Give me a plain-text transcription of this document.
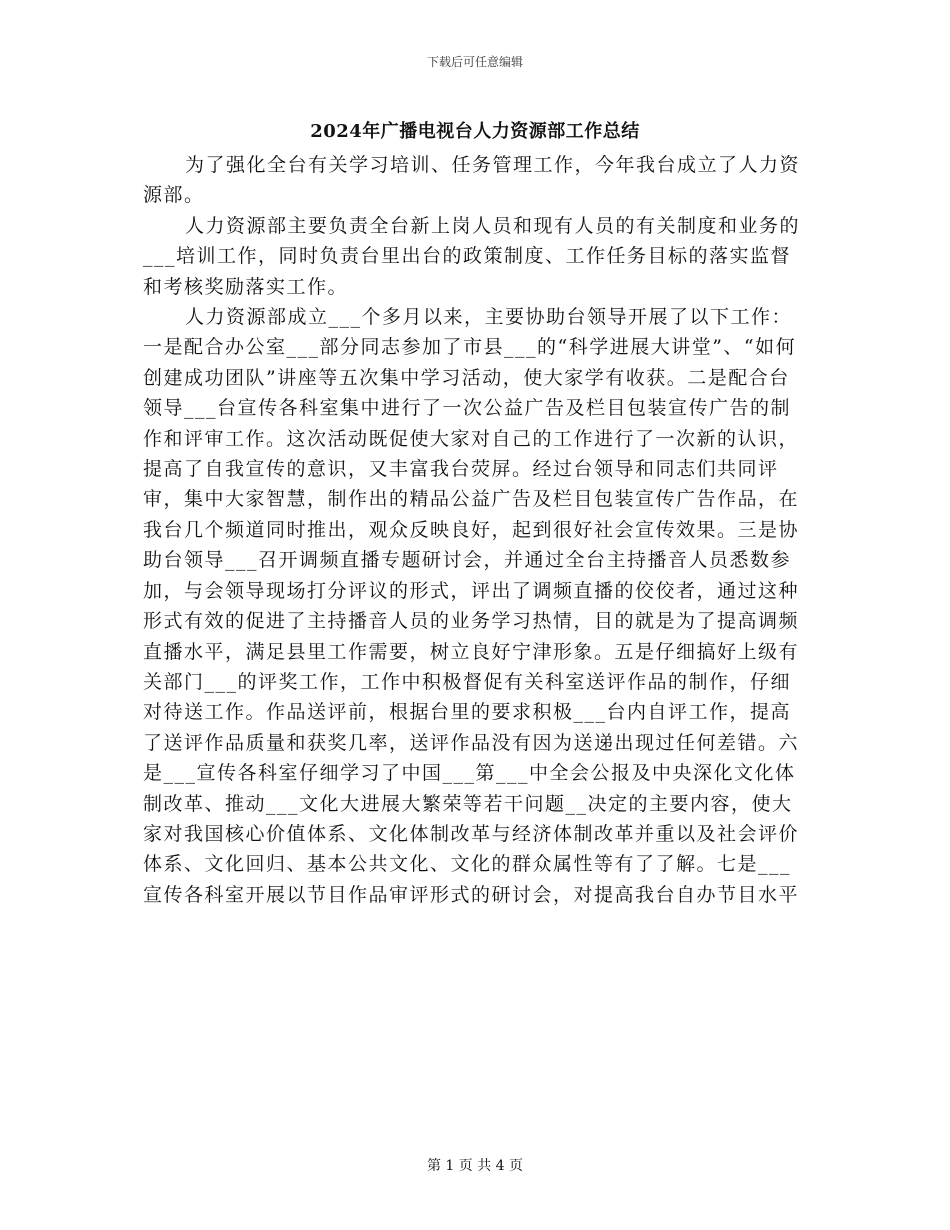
下载后可任意编辑
2024年广播电视台人力资源部工作总结

为了强化全台有关学习培训、任务管理工作，今年我台成立了人力资源部。

人力资源部主要负责全台新上岗人员和现有人员的有关制度和业务的___培训工作，同时负责台里出台的政策制度、工作任务目标的落实监督和考核奖励落实工作。

人力资源部成立___个多月以来，主要协助台领导开展了以下工作：一是配合办公室___部分同志参加了市县___的“科学进展大讲堂”、“如何创建成功团队”讲座等五次集中学习活动，使大家学有收获。二是配合台领导___台宣传各科室集中进行了一次公益广告及栏目包装宣传广告的制作和评审工作。这次活动既促使大家对自己的工作进行了一次新的认识，提高了自我宣传的意识，又丰富我台荧屏。经过台领导和同志们共同评审，集中大家智慧，制作出的精品公益广告及栏目包装宣传广告作品，在我台几个频道同时推出，观众反映良好，起到很好社会宣传效果。三是协助台领导___召开调频直播专题研讨会，并通过全台主持播音人员悉数参加，与会领导现场打分评议的形式，评出了调频直播的佼佼者，通过这种形式有效的促进了主持播音人员的业务学习热情，目的就是为了提高调频直播水平，满足县里工作需要，树立良好宁津形象。五是仔细搞好上级有关部门___的评奖工作，工作中积极督促有关科室送评作品的制作，仔细对待送工作。作品送评前，根据台里的要求积极___台内自评工作，提高了送评作品质量和获奖几率，送评作品没有因为送递出现过任何差错。六是___宣传各科室仔细学习了中国___第___中全会公报及中央深化文化体制改革、推动___文化大进展大繁荣等若干问题__决定的主要内容，使大家对我国核心价值体系、文化体制改革与经济体制改革并重以及社会评价体系、文化回归、基本公共文化、文化的群众属性等有了了解。七是___宣传各科室开展以节目作品审评形式的研讨会，对提高我台自办节目水平

第 1 页 共 4 页
